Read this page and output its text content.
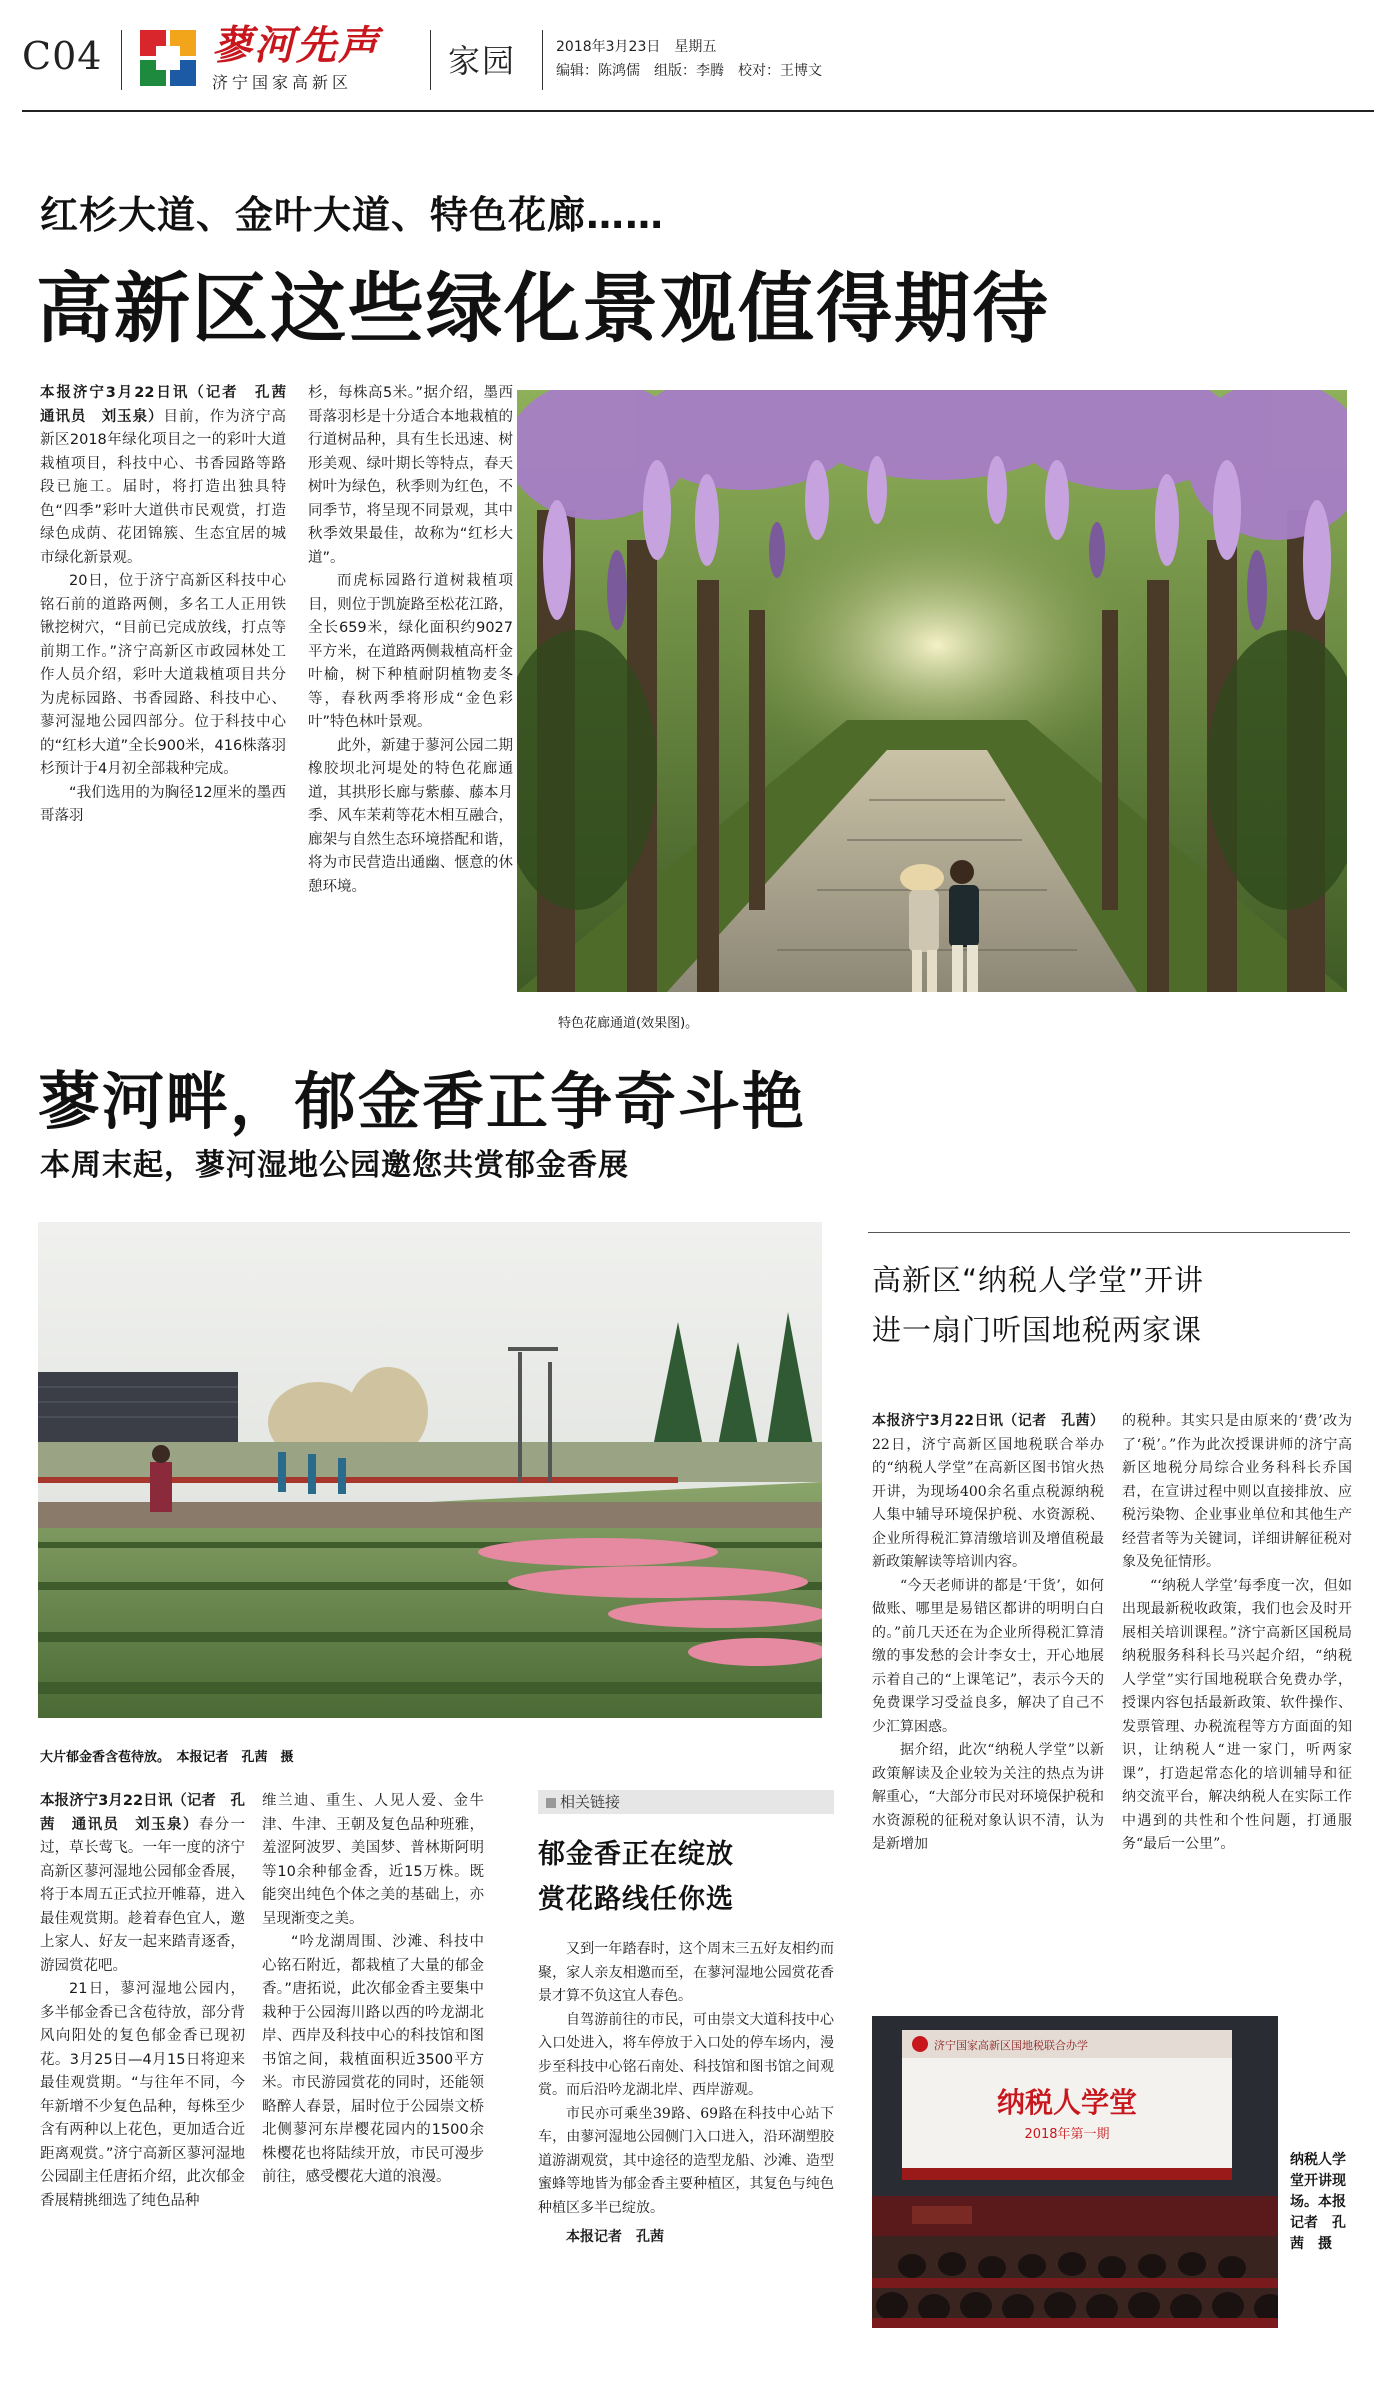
C04	蓼河先声
济宁国家高新区
家园	2018年3月23日　星期五
编辑：陈鸿儒　组版：李腾　校对：王博文
红杉大道、金叶大道、特色花廊……
高新区这些绿化景观值得期待

本报济宁3月22日讯（记者　孔茜　通讯员　刘玉泉）目前，作为济宁高新区2018年绿化项目之一的彩叶大道栽植项目，科技中心、书香园路等路段已施工。届时，将打造出独具特色“四季”彩叶大道供市民观赏，打造绿色成荫、花团锦簇、生态宜居的城市绿化新景观。

20日，位于济宁高新区科技中心铭石前的道路两侧，多名工人正用铁锹挖树穴，“目前已完成放线，打点等前期工作。”济宁高新区市政园林处工作人员介绍，彩叶大道栽植项目共分为虎标园路、书香园路、科技中心、蓼河湿地公园四部分。位于科技中心的“红杉大道”全长900米，416株落羽杉预计于4月初全部栽种完成。

“我们选用的为胸径12厘米的墨西哥落羽

杉，每株高5米。”据介绍，墨西哥落羽杉是十分适合本地栽植的行道树品种，具有生长迅速、树形美观、绿叶期长等特点，春天树叶为绿色，秋季则为红色，不同季节，将呈现不同景观，其中秋季效果最佳，故称为“红杉大道”。

而虎标园路行道树栽植项目，则位于凯旋路至松花江路，全长659米，绿化面积约9027平方米，在道路两侧栽植高杆金叶榆，树下种植耐阴植物麦冬等，春秋两季将形成“金色彩叶”特色林叶景观。

此外，新建于蓼河公园二期橡胶坝北河堤处的特色花廊通道，其拱形长廊与紫藤、藤本月季、风车茉莉等花木相互融合，廊架与自然生态环境搭配和谐，将为市民营造出通幽、惬意的休憩环境。

特色花廊通道(效果图)。
蓼河畔，郁金香正争奇斗艳
本周末起，蓼河湿地公园邀您共赏郁金香展
大片郁金香含苞待放。　本报记者　孔茜　摄

本报济宁3月22日讯（记者　孔茜　通讯员　刘玉泉）春分一过，草长莺飞。一年一度的济宁高新区蓼河湿地公园郁金香展，将于本周五正式拉开帷幕，进入最佳观赏期。趁着春色宜人，邀上家人、好友一起来踏青逐香，游园赏花吧。

21日，蓼河湿地公园内，多半郁金香已含苞待放，部分背风向阳处的复色郁金香已现初花。3月25日—4月15日将迎来最佳观赏期。“与往年不同，今年新增不少复色品种，每株至少含有两种以上花色，更加适合近距离观赏。”济宁高新区蓼河湿地公园副主任唐拓介绍，此次郁金香展精挑细选了纯色品种

维兰迪、重生、人见人爱、金牛津、牛津、王朝及复色品种班雅，羞涩阿波罗、美国梦、普林斯阿明等10余种郁金香，近15万株。既能突出纯色个体之美的基础上，亦呈现渐变之美。

“吟龙湖周围、沙滩、科技中心铭石附近，都栽植了大量的郁金香。”唐拓说，此次郁金香主要集中栽种于公园海川路以西的吟龙湖北岸、西岸及科技中心的科技馆和图书馆之间，栽植面积近3500平方米。市民游园赏花的同时，还能领略醉人春景，届时位于公园崇文桥北侧蓼河东岸樱花园内的1500余株樱花也将陆续开放，市民可漫步前往，感受樱花大道的浪漫。

相关链接
郁金香正在绽放
赏花路线任你选

又到一年踏春时，这个周末三五好友相约而聚，家人亲友相邀而至，在蓼河湿地公园赏花香景才算不负这宜人春色。

自驾游前往的市民，可由崇文大道科技中心入口处进入，将车停放于入口处的停车场内，漫步至科技中心铭石南处、科技馆和图书馆之间观赏。而后沿吟龙湖北岸、西岸游观。

市民亦可乘坐39路、69路在科技中心站下车，由蓼河湿地公园侧门入口进入，沿环湖塑胶道游湖观赏，其中途径的造型龙船、沙滩、造型蜜蜂等地皆为郁金香主要种植区，其复色与纯色种植区多半已绽放。

本报记者　孔茜

高新区“纳税人学堂”开讲
进一扇门听国地税两家课

本报济宁3月22日讯（记者　孔茜）22日，济宁高新区国地税联合举办的“纳税人学堂”在高新区图书馆火热开讲，为现场400余名重点税源纳税人集中辅导环境保护税、水资源税、企业所得税汇算清缴培训及增值税最新政策解读等培训内容。

“今天老师讲的都是‘干货’，如何做账、哪里是易错区都讲的明明白白的。”前几天还在为企业所得税汇算清缴的事发愁的会计李女士，开心地展示着自己的“上课笔记”，表示今天的免费课学习受益良多，解决了自己不少汇算困惑。

据介绍，此次“纳税人学堂”以新政策解读及企业较为关注的热点为讲解重心，“大部分市民对环境保护税和水资源税的征税对象认识不清，认为是新增加

的税种。其实只是由原来的‘费’改为了‘税’。”作为此次授课讲师的济宁高新区地税分局综合业务科科长乔国君，在宣讲过程中则以直接排放、应税污染物、企业事业单位和其他生产经营者等为关键词，详细讲解征税对象及免征情形。

“‘纳税人学堂’每季度一次，但如出现最新税收政策，我们也会及时开展相关培训课程。”济宁高新区国税局纳税服务科科长马兴起介绍，“纳税人学堂”实行国地税联合免费办学，授课内容包括最新政策、软件操作、发票管理、办税流程等方方面面的知识，让纳税人“进一家门，听两家课”，打造起常态化的培训辅导和征纳交流平台，解决纳税人在实际工作中遇到的共性和个性问题，打通服务“最后一公里”。

济宁国家高新区国地税联合办学
纳税人学堂
2018年第一期
纳税人学堂开讲现场。本报记者　孔茜　摄
